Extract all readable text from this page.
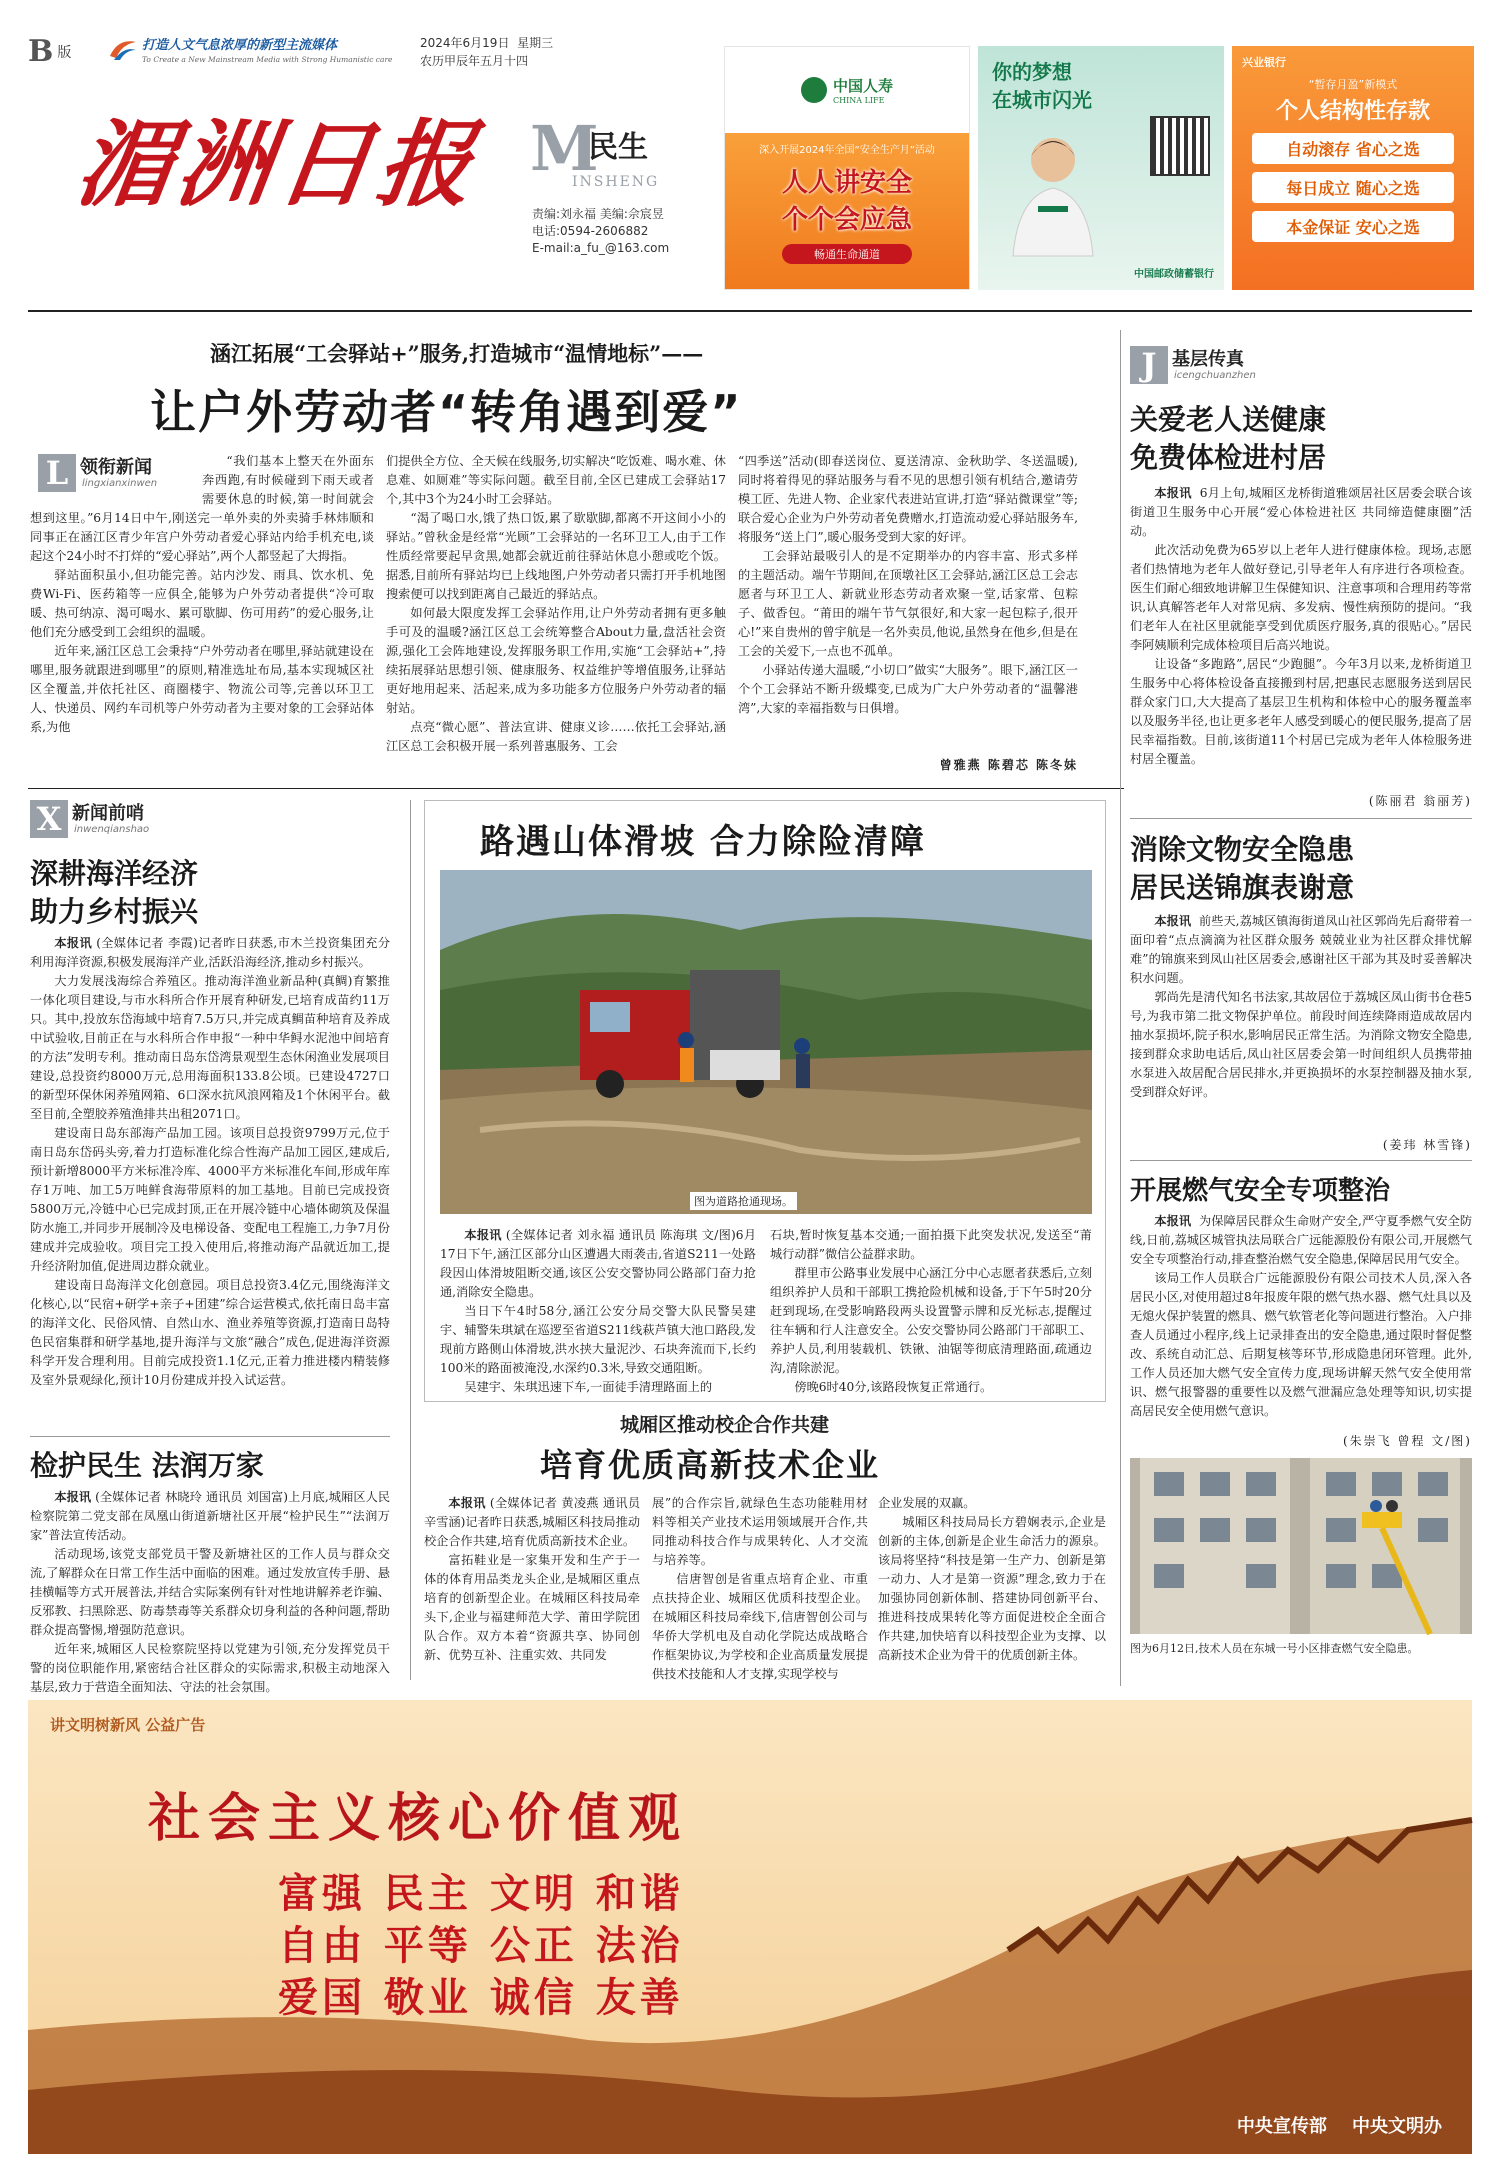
B 版	打造人文气息浓厚的新型主流媒体
To Create a New Mainstream Media with Strong Humanistic care
2024年6月19日 星期三
农历甲辰年五月十四
湄洲日报 M
民生
INSHENG
责编:刘永福 美编:佘宸昱
电话:0594-2606882
E-mail:a_fu_@163.com
中国人寿
CHINA LIFE
深入开展2024年全国“安全生产月”活动
人人讲安全
个个会应急
畅通生命通道
你的梦想
在城市闪光
中国邮政储蓄银行
兴业银行
“暂存月盈”新模式
个人结构性存款
自动滚存 省心之选
每日成立 随心之选
本金保证 安心之选
涵江拓展“工会驿站+”服务,打造城市“温情地标”——
让户外劳动者“转角遇到爱”
L 领衔新闻
lingxianxinwen

“我们基本上整天在外面东奔西跑,有时候碰到下雨天或者需要休息的时候,第一时间就会想到这里。”6月14日中午,刚送完一单外卖的外卖骑手林炜顺和同事正在涵江区青少年宫户外劳动者爱心驿站内给手机充电,谈起这个24小时不打烊的“爱心驿站”,两个人都竖起了大拇指。

驿站面积虽小,但功能完善。站内沙发、雨具、饮水机、免费Wi-Fi、医药箱等一应俱全,能够为户外劳动者提供“冷可取暖、热可纳凉、渴可喝水、累可歇脚、伤可用药”的爱心服务,让他们充分感受到工会组织的温暖。

近年来,涵江区总工会秉持“户外劳动者在哪里,驿站就建设在哪里,服务就跟进到哪里”的原则,精准选址布局,基本实现城区社区全覆盖,并依托社区、商圈楼宇、物流公司等,完善以环卫工人、快递员、网约车司机等户外劳动者为主要对象的工会驿站体系,为他

们提供全方位、全天候在线服务,切实解决“吃饭难、喝水难、休息难、如厕难”等实际问题。截至目前,全区已建成工会驿站17个,其中3个为24小时工会驿站。

“渴了喝口水,饿了热口饭,累了歇歇脚,都离不开这间小小的驿站。”曾秋金是经常“光顾”工会驿站的一名环卫工人,由于工作性质经常要起早贪黑,她都会就近前往驿站休息小憩或吃个饭。据悉,目前所有驿站均已上线地图,户外劳动者只需打开手机地图搜索便可以找到距离自己最近的驿站点。

如何最大限度发挥工会驿站作用,让户外劳动者拥有更多触手可及的温暖?涵江区总工会统筹整合About力量,盘活社会资源,强化工会阵地建设,发挥服务职工作用,实施“工会驿站+”,持续拓展驿站思想引领、健康服务、权益维护等增值服务,让驿站更好地用起来、活起来,成为多功能多方位服务户外劳动者的辐射站。

点亮“微心愿”、普法宣讲、健康义诊……依托工会驿站,涵江区总工会积极开展一系列普惠服务、工会

“四季送”活动(即春送岗位、夏送清凉、金秋助学、冬送温暖),同时将着得见的驿站服务与看不见的思想引领有机结合,邀请劳模工匠、先进人物、企业家代表进站宣讲,打造“驿站微课堂”等;联合爱心企业为户外劳动者免费赠水,打造流动爱心驿站服务车,将服务“送上门”,暖心服务受到大家的好评。

工会驿站最吸引人的是不定期举办的内容丰富、形式多样的主题活动。端午节期间,在顶墩社区工会驿站,涵江区总工会志愿者与环卫工人、新就业形态劳动者欢聚一堂,话家常、包粽子、做香包。“莆田的端午节气氛很好,和大家一起包粽子,很开心!”来自贵州的曾宇航是一名外卖员,他说,虽然身在他乡,但是在工会的关爱下,一点也不孤单。

小驿站传递大温暖,“小切口”做实“大服务”。眼下,涵江区一个个工会驿站不断升级蝶变,已成为广大户外劳动者的“温馨港湾”,大家的幸福指数与日俱增。

曾雅燕 陈碧芯 陈冬妹
J 基层传真
icengchuanzhen
关爱老人送健康
免费体检进村居

本报讯 6月上旬,城厢区龙桥街道雅颂居社区居委会联合该街道卫生服务中心开展“爱心体检进社区 共同缔造健康圈”活动。

此次活动免费为65岁以上老年人进行健康体检。现场,志愿者们热情地为老年人做好登记,引导老年人有序进行各项检查。医生们耐心细致地讲解卫生保健知识、注意事项和合理用药等常识,认真解答老年人对常见病、多发病、慢性病预防的提问。“我们老年人在社区里就能享受到优质医疗服务,真的很贴心。”居民李阿姨顺利完成体检项目后高兴地说。

让设备“多跑路”,居民“少跑腿”。今年3月以来,龙桥街道卫生服务中心将体检设备直接搬到村居,把惠民志愿服务送到居民群众家门口,大大提高了基层卫生机构和体检中心的服务覆盖率以及服务半径,也让更多老年人感受到暖心的便民服务,提高了居民幸福指数。目前,该街道11个村居已完成为老年人体检服务进村居全覆盖。

(陈丽君 翁丽芳)
消除文物安全隐患
居民送锦旗表谢意

本报讯 前些天,荔城区镇海街道凤山社区郭尚先后裔带着一面印着“点点滴滴为社区群众服务 兢兢业业为社区群众排忧解难”的锦旗来到凤山社区居委会,感谢社区干部为其及时妥善解决积水问题。

郭尚先是清代知名书法家,其故居位于荔城区凤山街书仓巷5号,为我市第二批文物保护单位。前段时间连续降雨造成故居内抽水泵损坏,院子积水,影响居民正常生活。为消除文物安全隐患,接到群众求助电话后,凤山社区居委会第一时间组织人员携带抽水泵进入故居配合居民排水,并更换损坏的水泵控制器及抽水泵,受到群众好评。

(姜玮 林雪锋)
开展燃气安全专项整治

本报讯 为保障居民群众生命财产安全,严守夏季燃气安全防线,日前,荔城区城管执法局联合广远能源股份有限公司,开展燃气安全专项整治行动,排查整治燃气安全隐患,保障居民用气安全。

该局工作人员联合广远能源股份有限公司技术人员,深入各居民小区,对使用超过8年报废年限的燃气热水器、燃气灶具以及无熄火保护装置的燃具、燃气软管老化等问题进行整治。入户排查人员通过小程序,线上记录排查出的安全隐患,通过限时督促整改、系统自动汇总、后期复核等环节,形成隐患闭环管理。此外,工作人员还加大燃气安全宣传力度,现场讲解天然气安全使用常识、燃气报警器的重要性以及燃气泄漏应急处理等知识,切实提高居民安全使用燃气意识。

(朱崇飞 曾程 文/图)
图为6月12日,技术人员在东城一号小区排查燃气安全隐患。
X 新闻前哨
inwenqianshao
深耕海洋经济
助力乡村振兴

本报讯 (全媒体记者 李霞)记者昨日获悉,市木兰投资集团充分利用海洋资源,积极发展海洋产业,活跃沿海经济,推动乡村振兴。

大力发展浅海综合养殖区。推动海洋渔业新品种(真鲷)育繁推一体化项目建设,与市水科所合作开展育种研发,已培育成苗约11万只。其中,投放东岱海域中培育7.5万只,并完成真鲷苗种培育及养成中试验收,目前正在与水科所合作申报“一种中华鲟水泥池中间培育的方法”发明专利。推动南日岛东岱湾景观型生态休闲渔业发展项目建设,总投资约8000万元,总用海面积133.8公顷。已建设4727口的新型环保休闲养殖网箱、6口深水抗风浪网箱及1个休闲平台。截至目前,全塑胶养殖渔排共出租2071口。

建设南日岛东部海产品加工园。该项目总投资9799万元,位于南日岛东岱码头旁,着力打造标准化综合性海产品加工园区,建成后,预计新增8000平方米标准冷库、4000平方米标准化车间,形成年库存1万吨、加工5万吨鲜食海带原料的加工基地。目前已完成投资5800万元,冷链中心已完成封顶,正在开展冷链中心墙体砌筑及保温防水施工,并同步开展制冷及电梯设备、变配电工程施工,力争7月份建成并完成验收。项目完工投入使用后,将推动海产品就近加工,提升经济附加值,促进周边群众就业。

建设南日岛海洋文化创意园。项目总投资3.4亿元,围绕海洋文化核心,以“民宿+研学+亲子+团建”综合运营模式,依托南日岛丰富的海洋文化、民俗风情、自然山水、渔业养殖等资源,打造南日岛特色民宿集群和研学基地,提升海洋与文旅“融合”成色,促进海洋资源科学开发合理利用。目前完成投资1.1亿元,正着力推进楼内精装修及室外景观绿化,预计10月份建成并投入试运营。

检护民生 法润万家

本报讯 (全媒体记者 林晓玲 通讯员 刘国富)上月底,城厢区人民检察院第二党支部在凤凰山街道新塘社区开展“检护民生”“法润万家”普法宣传活动。

活动现场,该党支部党员干警及新塘社区的工作人员与群众交流,了解群众在日常工作生活中面临的困难。通过发放宣传手册、悬挂横幅等方式开展普法,并结合实际案例有针对性地讲解养老诈骗、反邪教、扫黑除恶、防毒禁毒等关系群众切身利益的各种问题,帮助群众提高警惕,增强防范意识。

近年来,城厢区人民检察院坚持以党建为引领,充分发挥党员干警的岗位职能作用,紧密结合社区群众的实际需求,积极主动地深入基层,致力于营造全面知法、守法的社会氛围。

路遇山体滑坡 合力除险清障
图为道路抢通现场。

本报讯 (全媒体记者 刘永福 通讯员 陈海琪 文/图)6月17日下午,涵江区部分山区遭遇大雨袭击,省道S211一处路段因山体滑坡阻断交通,该区公安交警协同公路部门奋力抢通,消除安全隐患。

当日下午4时58分,涵江公安分局交警大队民警吴建宇、辅警朱琪斌在巡逻至省道S211线萩芦镇大池口路段,发现前方路侧山体滑坡,洪水挟大量泥沙、石块奔流而下,长约100米的路面被淹没,水深约0.3米,导致交通阻断。

吴建宇、朱琪迅速下车,一面徒手清理路面上的

石块,暂时恢复基本交通;一面拍摄下此突发状况,发送至“莆城行动群”微信公益群求助。

群里市公路事业发展中心涵江分中心志愿者获悉后,立刻组织养护人员和干部职工携抢险机械和设备,于下午5时20分赶到现场,在受影响路段两头设置警示牌和反光标志,提醒过往车辆和行人注意安全。公安交警协同公路部门干部职工、养护人员,利用装载机、铁锹、油锯等彻底清理路面,疏通边沟,清除淤泥。

傍晚6时40分,该路段恢复正常通行。

城厢区推动校企合作共建
培育优质高新技术企业

本报讯 (全媒体记者 黄凌燕 通讯员 辛雪涵)记者昨日获悉,城厢区科技局推动校企合作共建,培育优质高新技术企业。

富拓鞋业是一家集开发和生产于一体的体育用品类龙头企业,是城厢区重点培育的创新型企业。在城厢区科技局牵头下,企业与福建师范大学、莆田学院团队合作。双方本着“资源共享、协同创新、优势互补、注重实效、共同发

展”的合作宗旨,就绿色生态功能鞋用材料等相关产业技术运用领域展开合作,共同推动科技合作与成果转化、人才交流与培养等。

信唐智创是省重点培育企业、市重点扶持企业、城厢区优质科技型企业。在城厢区科技局牵线下,信唐智创公司与华侨大学机电及自动化学院达成战略合作框架协议,为学校和企业高质量发展提供技术技能和人才支撑,实现学校与

企业发展的双赢。

城厢区科技局局长方碧娴表示,企业是创新的主体,创新是企业生命活力的源泉。该局将坚持“科技是第一生产力、创新是第一动力、人才是第一资源”理念,致力于在加强协同创新体制、搭建协同创新平台、推进科技成果转化等方面促进校企全面合作共建,加快培育以科技型企业为支撑、以高新技术企业为骨干的优质创新主体。

讲文明树新风 公益广告
社会主义核心价值观
富强 民主 文明 和谐
自由 平等 公正 法治
爱国 敬业 诚信 友善
中央宣传部    中央文明办
